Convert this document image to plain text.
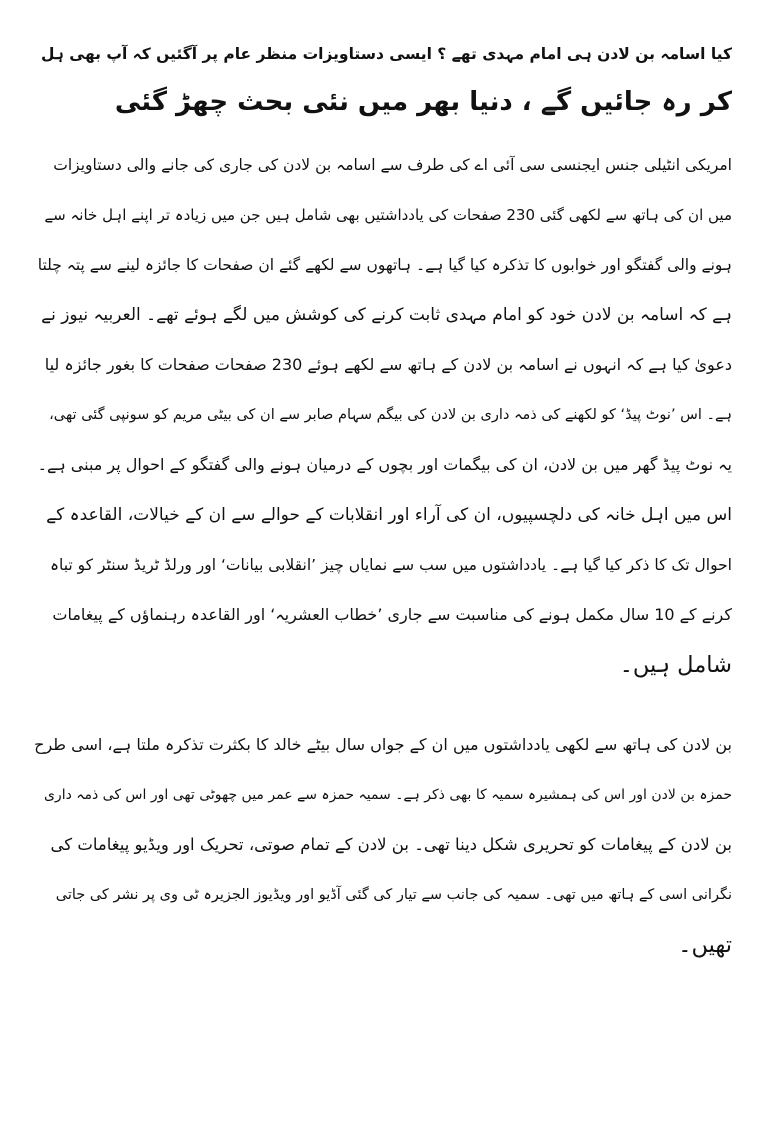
کیا اسامہ بن لادن ہی امام مہدی تھے ؟ ایسی دستاویزات منظر عام پر آگئیں کہ آپ بھی ہل
کر رہ جائیں گے ، دنیا بھر میں نئی بحث چھڑ گئی
امریکی انٹیلی جنس ایجنسی سی آئی اے کی طرف سے اسامہ بن لادن کی جاری کی جانے والی دستاویزات
میں ان کی ہاتھ سے لکھی گئی 230 صفحات کی یادداشتیں بھی شامل ہیں جن میں زیادہ تر اپنے اہل خانہ سے
ہونے والی گفتگو اور خوابوں کا تذکرہ کیا گیا ہے۔ ہاتھوں سے لکھے گئے ان صفحات کا جائزہ لینے سے پتہ چلتا
ہے کہ اسامہ بن لادن خود کو امام مہدی ثابت کرنے کی کوشش میں لگے ہوئے تھے۔ العربیہ نیوز نے
دعویٰ کیا ہے کہ انہوں نے اسامہ بن لادن کے ہاتھ سے لکھے ہوئے 230 صفحات صفحات کا بغور جائزہ لیا
ہے۔ اس ’نوٹ پیڈ‘ کو لکھنے کی ذمہ داری بن لادن کی بیگم سہام صابر سے ان کی بیٹی مریم کو سونپی گئی تھی،
یہ نوٹ پیڈ گھر میں بن لادن، ان کی بیگمات اور بچوں کے درمیان ہونے والی گفتگو کے احوال پر مبنی ہے۔
اس میں اہل خانہ کی دلچسپیوں، ان کی آراء اور انقلابات کے حوالے سے ان کے خیالات، القاعدہ کے
احوال تک کا ذکر کیا گیا ہے۔ یادداشتوں میں سب سے نمایاں چیز ’انقلابی بیانات‘ اور ورلڈ ٹریڈ سنٹر کو تباہ
کرنے کے 10 سال مکمل ہونے کی مناسبت سے جاری ’خطاب العشریہ‘ اور القاعدہ رہنماؤں کے پیغامات
شامل ہیں۔
بن لادن کی ہاتھ سے لکھی یادداشتوں میں ان کے جواں سال بیٹے خالد کا بکثرت تذکرہ ملتا ہے، اسی طرح
حمزہ بن لادن اور اس کی ہمشیرہ سمیہ کا بھی ذکر ہے۔ سمیہ حمزہ سے عمر میں چھوٹی تھی اور اس کی ذمہ داری
بن لادن کے پیغامات کو تحریری شکل دینا تھی۔ بن لادن کے تمام صوتی، تحریک اور ویڈیو پیغامات کی
نگرانی اسی کے ہاتھ میں تھی۔ سمیہ کی جانب سے تیار کی گئی آڈیو اور ویڈیوز الجزیرہ ٹی وی پر نشر کی جاتی
تھیں۔
